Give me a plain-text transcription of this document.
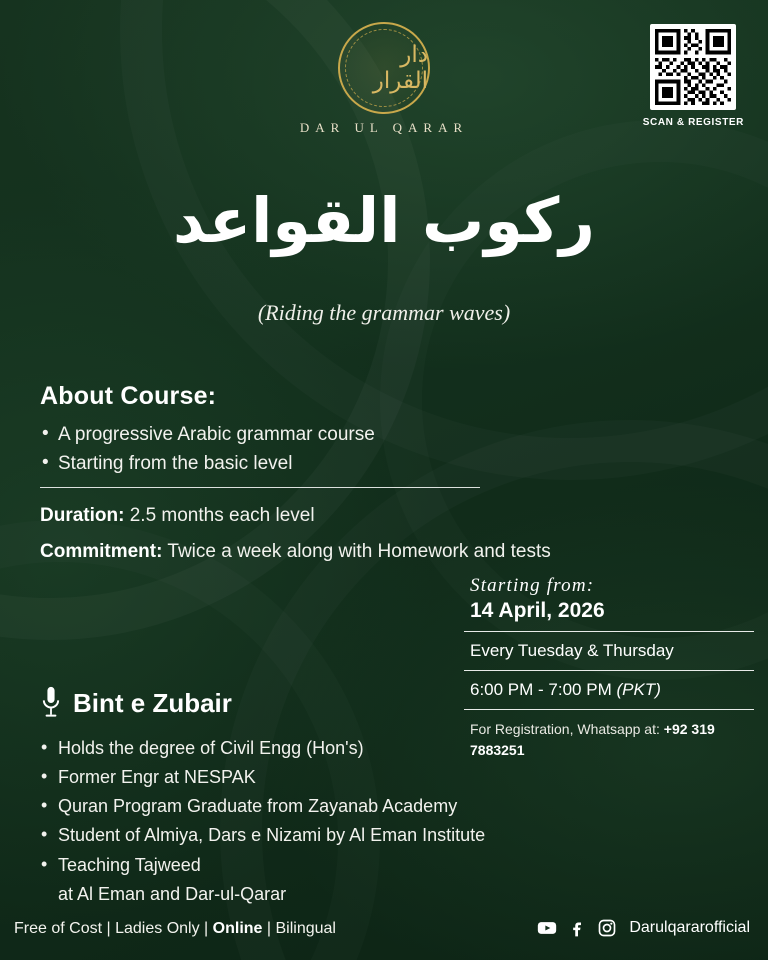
دار القرار
DAR UL QARAR	SCAN & REGISTER
ركوب القواعد
(Riding the grammar waves)
About Course:
• A progressive Arabic grammar course
• Starting from the basic level
Duration: 2.5 months each level
Commitment: Twice a week along with Homework and tests
Starting from:
14 April, 2026
Every Tuesday & Thursday
6:00 PM - 7:00 PM (PKT)
For Registration, Whatsapp at: +92 319 7883251
Bint e Zubair
• Holds the degree of Civil Engg (Hon's)
• Former Engr at NESPAK
• Quran Program Graduate from Zayanab Academy
• Student of Almiya, Dars e Nizami by Al Eman Institute
• Teaching Tajweed
at Al Eman and Dar-ul-Qarar
Free of Cost | Ladies Only | Online | Bilingual	Darulqararofficial
